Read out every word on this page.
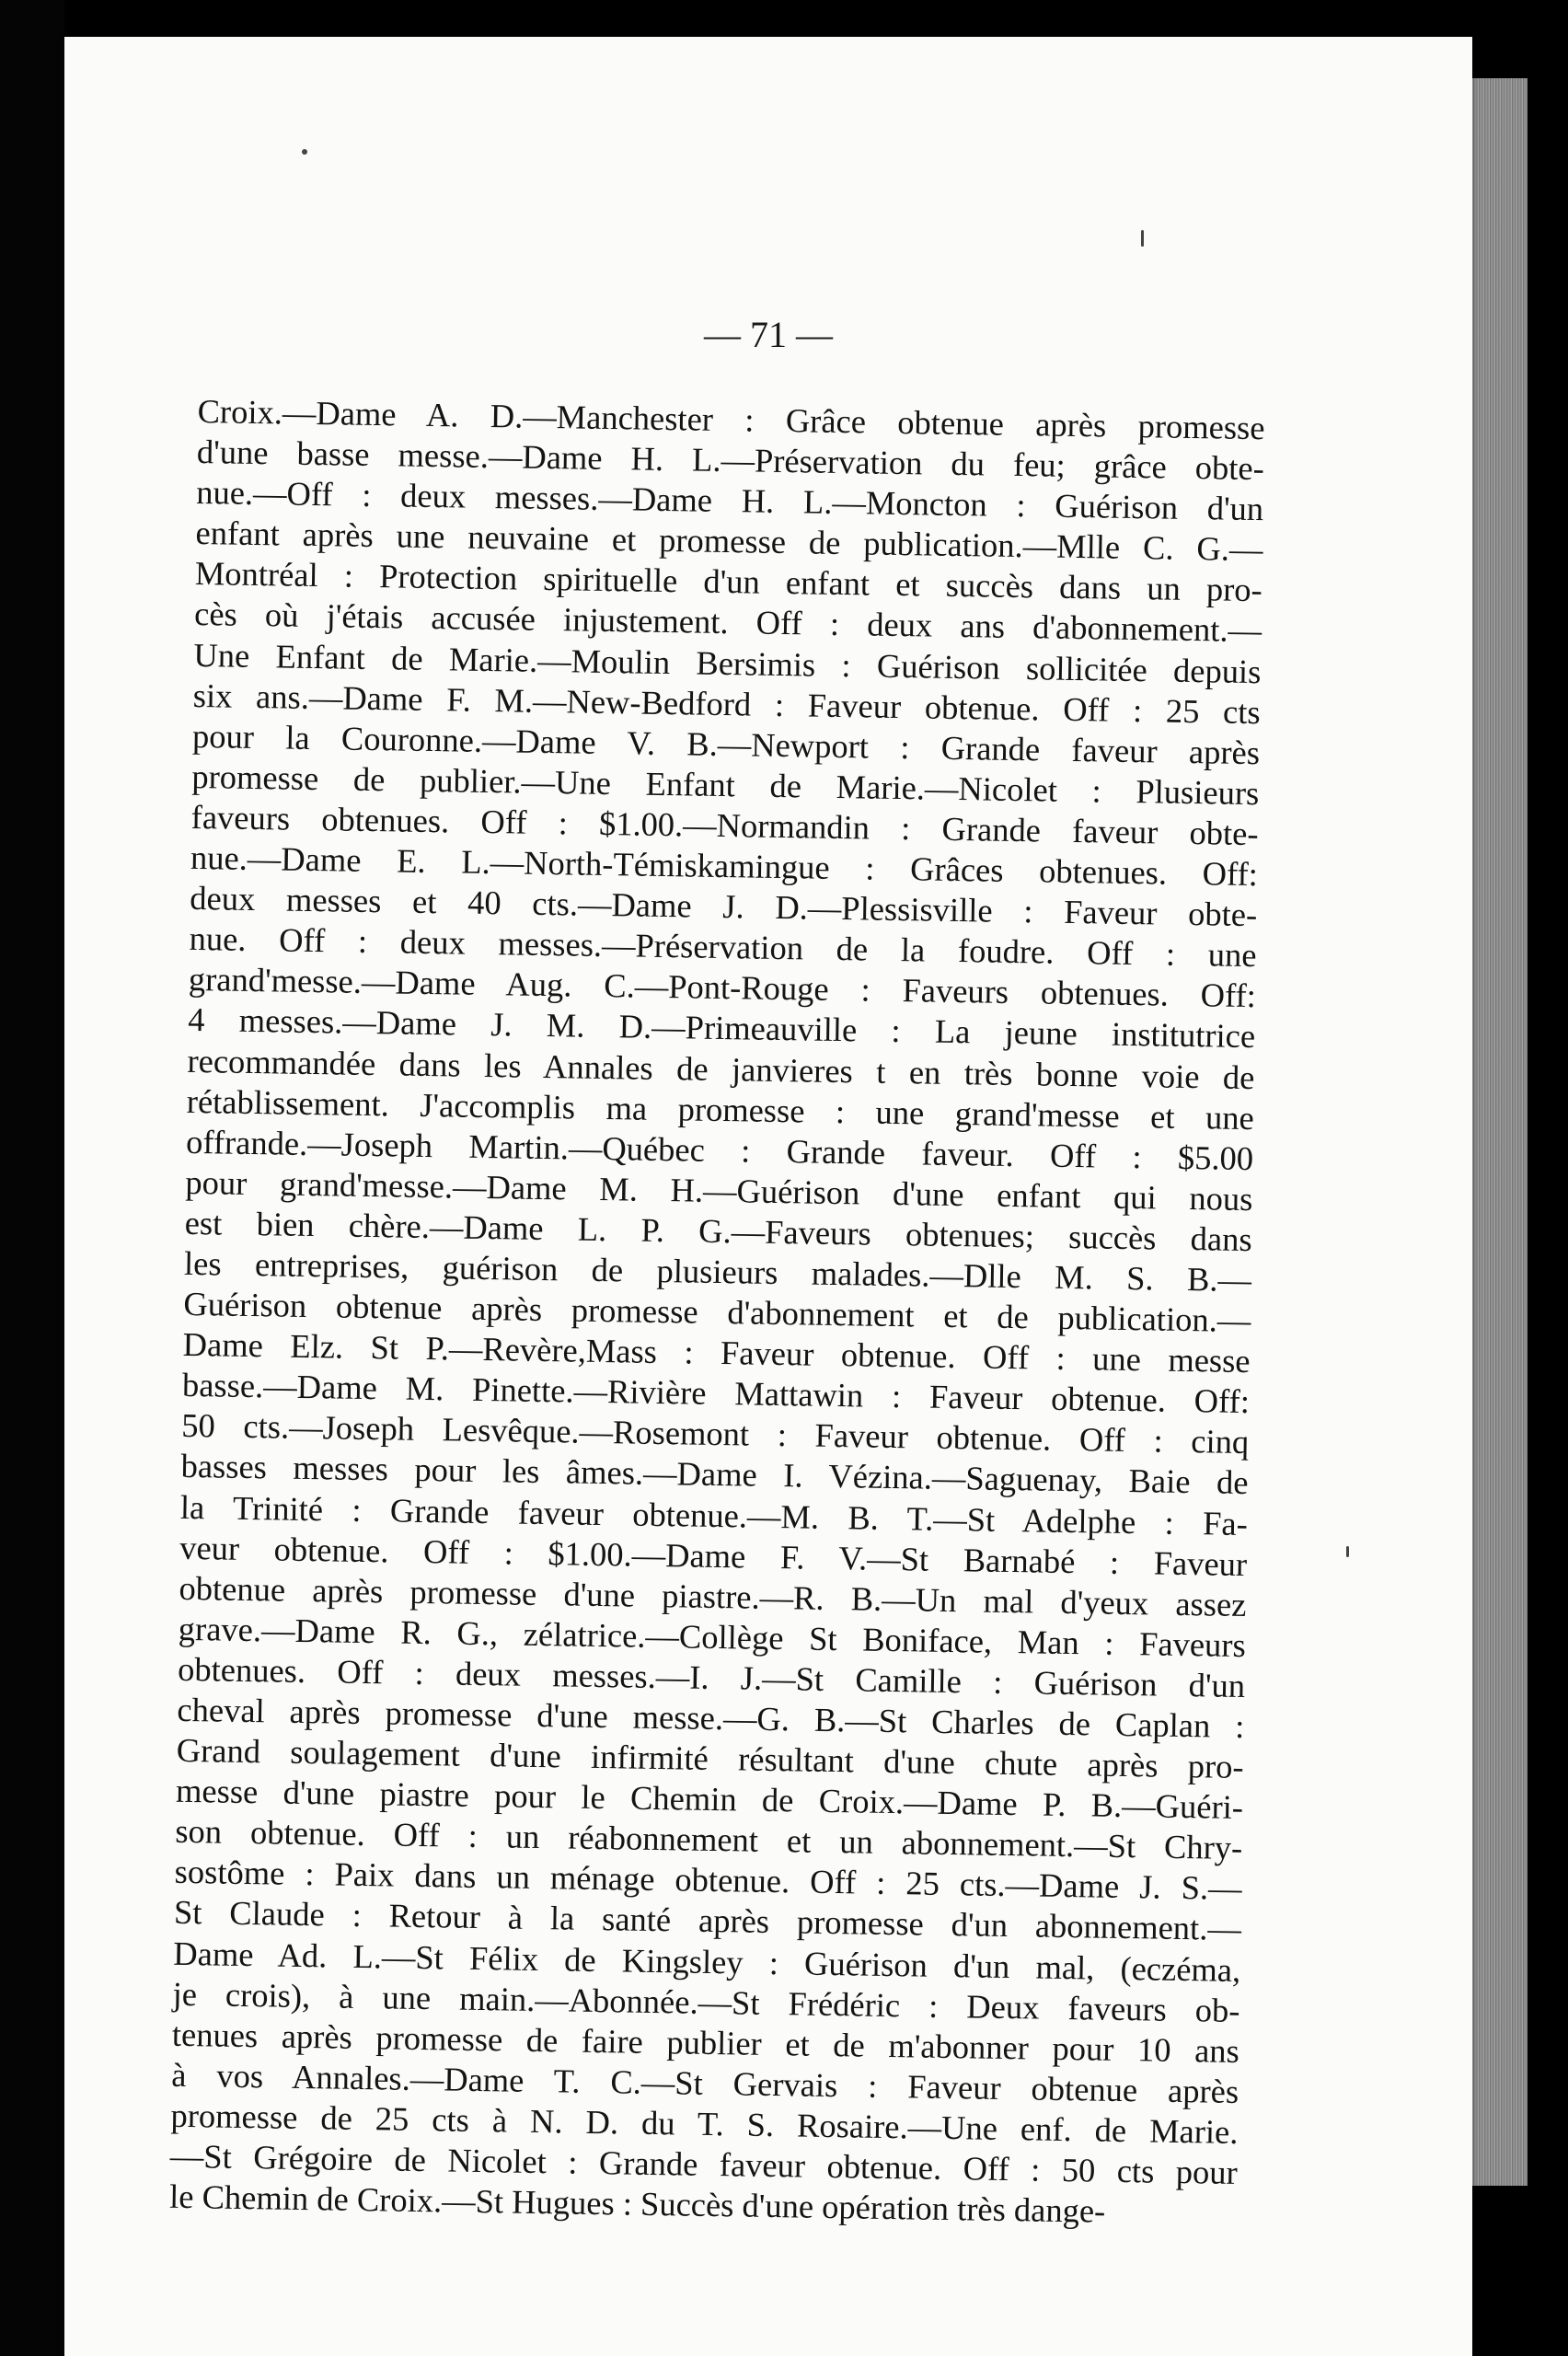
— 71 —
Croix.—Dame A. D.—Manchester : Grâce obtenue après promesse
d'une basse messe.—Dame H. L.—Préservation du feu; grâce obte-
nue.—Off : deux messes.—Dame H. L.—Moncton : Guérison d'un
enfant après une neuvaine et promesse de publication.—Mlle C. G.—
Montréal : Protection spirituelle d'un enfant et succès dans un pro-
cès où j'étais accusée injustement. Off : deux ans d'abonnement.—
Une Enfant de Marie.—Moulin Bersimis : Guérison sollicitée depuis
six ans.—Dame F. M.—New-Bedford : Faveur obtenue. Off : 25 cts
pour la Couronne.—Dame V. B.—Newport : Grande faveur après
promesse de publier.—Une Enfant de Marie.—Nicolet : Plusieurs
faveurs obtenues. Off : $1.00.—Normandin : Grande faveur obte-
nue.—Dame E. L.—North-Témiskamingue : Grâces obtenues. Off:
deux messes et 40 cts.—Dame J. D.—Plessisville : Faveur obte-
nue. Off : deux messes.—Préservation de la foudre. Off : une
grand'messe.—Dame Aug. C.—Pont-Rouge : Faveurs obtenues. Off:
4 messes.—Dame J. M. D.—Primeauville : La jeune institutrice
recommandée dans les Annales de janvieres t en très bonne voie de
rétablissement. J'accomplis ma promesse : une grand'messe et une
offrande.—Joseph Martin.—Québec : Grande faveur. Off : $5.00
pour grand'messe.—Dame M. H.—Guérison d'une enfant qui nous
est bien chère.—Dame L. P. G.—Faveurs obtenues; succès dans
les entreprises, guérison de plusieurs malades.—Dlle M. S. B.—
Guérison obtenue après promesse d'abonnement et de publication.—
Dame Elz. St P.—Revère,Mass : Faveur obtenue. Off : une messe
basse.—Dame M. Pinette.—Rivière Mattawin : Faveur obtenue. Off:
50 cts.—Joseph Lesvêque.—Rosemont : Faveur obtenue. Off : cinq
basses messes pour les âmes.—Dame I. Vézina.—Saguenay, Baie de
la Trinité : Grande faveur obtenue.—M. B. T.—St Adelphe : Fa-
veur obtenue. Off : $1.00.—Dame F. V.—St Barnabé : Faveur
obtenue après promesse d'une piastre.—R. B.—Un mal d'yeux assez
grave.—Dame R. G., zélatrice.—Collège St Boniface, Man : Faveurs
obtenues. Off : deux messes.—I. J.—St Camille : Guérison d'un
cheval après promesse d'une messe.—G. B.—St Charles de Caplan :
Grand soulagement d'une infirmité résultant d'une chute après pro-
messe d'une piastre pour le Chemin de Croix.—Dame P. B.—Guéri-
son obtenue. Off : un réabonnement et un abonnement.—St Chry-
sostôme : Paix dans un ménage obtenue. Off : 25 cts.—Dame J. S.—
St Claude : Retour à la santé après promesse d'un abonnement.—
Dame Ad. L.—St Félix de Kingsley : Guérison d'un mal, (eczéma,
je crois), à une main.—Abonnée.—St Frédéric : Deux faveurs ob-
tenues après promesse de faire publier et de m'abonner pour 10 ans
à vos Annales.—Dame T. C.—St Gervais : Faveur obtenue après
promesse de 25 cts à N. D. du T. S. Rosaire.—Une enf. de Marie.
—St Grégoire de Nicolet : Grande faveur obtenue. Off : 50 cts pour
le Chemin de Croix.—St Hugues : Succès d'une opération très dange-
